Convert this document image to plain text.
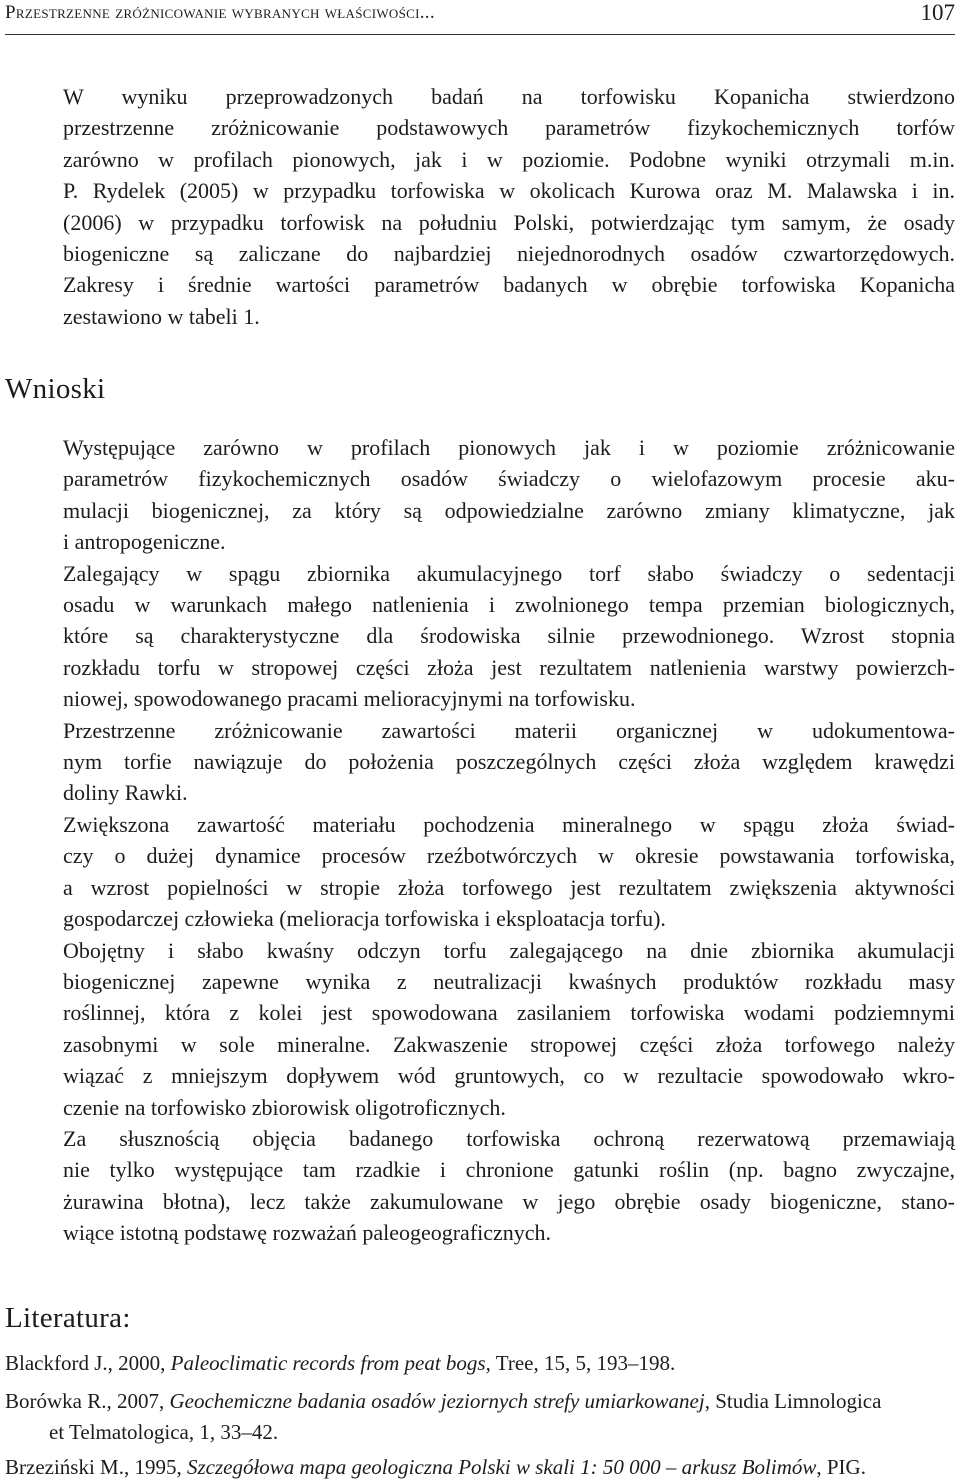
Przestrzenne zróżnicowanie wybranych właściwości...	107

W wyniku przeprowadzonych badań na torfowisku Kopanicha stwierdzono
przestrzenne zróżnicowanie podstawowych parametrów fizykochemicznych torfów
zarówno w profilach pionowych, jak i w poziomie. Podobne wyniki otrzymali m.in.
P. Rydelek (2005) w przypadku torfowiska w okolicach Kurowa oraz M. Malawska i in.
(2006) w przypadku torfowisk na południu Polski, potwierdzając tym samym, że osady
biogeniczne są zaliczane do najbardziej niejednorodnych osadów czwartorzędowych.
Zakresy i średnie wartości parametrów badanych w obrębie torfowiska Kopanicha
zestawiono w tabeli 1.

Wnioski

Występujące zarówno w profilach pionowych jak i w poziomie zróżnicowanie
parametrów fizykochemicznych osadów świadczy o wielofazowym procesie aku-
mulacji biogenicznej, za który są odpowiedzialne zarówno zmiany klimatyczne, jak
i antropogeniczne.

Zalegający w spągu zbiornika akumulacyjnego torf słabo świadczy o sedentacji
osadu w warunkach małego natlenienia i zwolnionego tempa przemian biologicznych,
które są charakterystyczne dla środowiska silnie przewodnionego. Wzrost stopnia
rozkładu torfu w stropowej części złoża jest rezultatem natlenienia warstwy powierzch-
niowej, spowodowanego pracami melioracyjnymi na torfowisku.

Przestrzenne zróżnicowanie zawartości materii organicznej w udokumentowa-
nym torfie nawiązuje do położenia poszczególnych części złoża względem krawędzi
doliny Rawki.

Zwiększona zawartość materiału pochodzenia mineralnego w spągu złoża świad-
czy o dużej dynamice procesów rzeźbotwórczych w okresie powstawania torfowiska,
a wzrost popielności w stropie złoża torfowego jest rezultatem zwiększenia aktywności
gospodarczej człowieka (melioracja torfowiska i eksploatacja torfu).

Obojętny i słabo kwaśny odczyn torfu zalegającego na dnie zbiornika akumulacji
biogenicznej zapewne wynika z neutralizacji kwaśnych produktów rozkładu masy
roślinnej, która z kolei jest spowodowana zasilaniem torfowiska wodami podziemnymi
zasobnymi w sole mineralne. Zakwaszenie stropowej części złoża torfowego należy
wiązać z mniejszym dopływem wód gruntowych, co w rezultacie spowodowało wkro-
czenie na torfowisko zbiorowisk oligotroficznych.

Za słusznością objęcia badanego torfowiska ochroną rezerwatową przemawiają
nie tylko występujące tam rzadkie i chronione gatunki roślin (np. bagno zwyczajne,
żurawina błotna), lecz także zakumulowane w jego obrębie osady biogeniczne, stano-
wiące istotną podstawę rozważań paleogeograficznych.

Literatura:
Blackford J., 2000, Paleoclimatic records from peat bogs, Tree, 15, 5, 193–198.
Borówka R., 2007, Geochemiczne badania osadów jeziornych strefy umiarkowanej, Studia Limnologica
et Telmatologica, 1, 33–42.
Brzeziński M., 1995, Szczegółowa mapa geologiczna Polski w skali 1: 50 000 – arkusz Bolimów, PIG.
